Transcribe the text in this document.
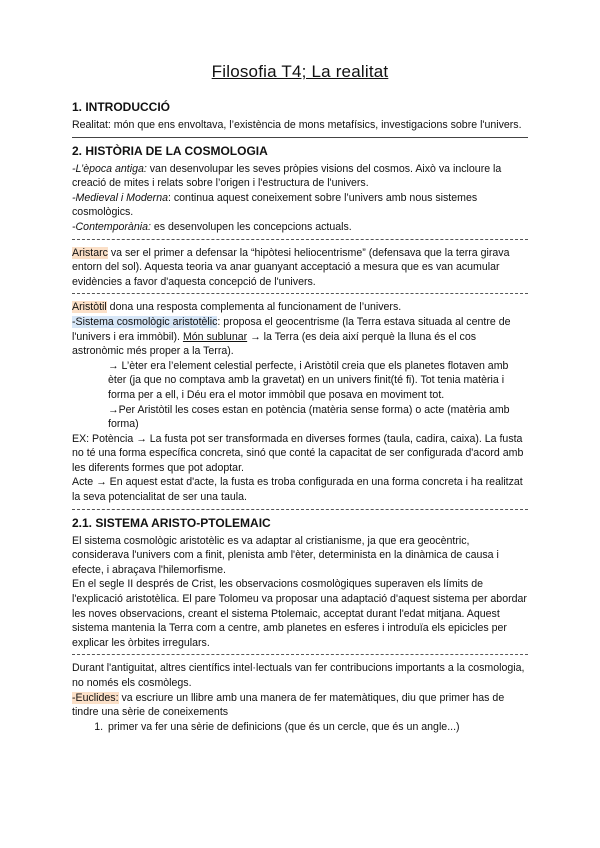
Filosofia T4; La realitat
1. INTRODUCCIÓ

Realitat: món que ens envoltava, l’existència de mons metafísics, investigacions sobre l'univers.

2. HISTÒRIA DE LA COSMOLOGIA

-L’època antiga: van desenvolupar les seves pròpies visions del cosmos. Això va incloure la creació de mites i relats sobre l’origen i l'estructura de l'univers.

-Medieval i Moderna: continua aquest coneixement sobre l’univers amb nous sistemes cosmològics.

-Contemporània: es desenvolupen les concepcions actuals.

Aristarc va ser el primer a defensar la “hipòtesi heliocentrisme” (defensava que la terra girava entorn del sol). Aquesta teoria va anar guanyant acceptació a mesura que es van acumular evidències a favor d'aquesta concepció de l'univers.

Aristòtil dona una resposta complementa al funcionament de l’univers.

-Sistema cosmològic aristotèlic: proposa el geocentrisme (la Terra estava situada al centre de l'univers i era immòbil). Món sublunar → la Terra (es deia així perquè la lluna és el cos astronòmic més proper a la Terra).

→ L’èter era l’element celestial perfecte, i Aristòtil creia que els planetes flotaven amb èter (ja que no comptava amb la gravetat) en un univers finit(té fi). Tot tenia matèria i forma per a ell, i Déu era el motor immòbil que posava en moviment tot.

→Per Aristòtil les coses estan en potència (matèria sense forma) o acte (matèria amb forma)

EX: Potència → La fusta pot ser transformada en diverses formes (taula, cadira, caixa). La fusta no té una forma específica concreta, sinó que conté la capacitat de ser configurada d'acord amb les diferents formes que pot adoptar.

Acte → En aquest estat d'acte, la fusta es troba configurada en una forma concreta i ha realitzat la seva potencialitat de ser una taula.

2.1. SISTEMA ARISTO-PTOLEMAIC

El sistema cosmològic aristotèlic es va adaptar al cristianisme, ja que era geocèntric, considerava l'univers com a finit, plenista amb l'èter, determinista en la dinàmica de causa i efecte, i abraçava l'hilemorfisme.

En el segle II després de Crist, les observacions cosmològiques superaven els límits de l'explicació aristotèlica. El pare Tolomeu va proposar una adaptació d'aquest sistema per abordar les noves observacions, creant el sistema Ptolemaic, acceptat durant l'edat mitjana. Aquest sistema mantenia la Terra com a centre, amb planetes en esferes i introduïa els epicicles per explicar les òrbites irregulars.

Durant l'antiguitat, altres científics intel·lectuals van fer contribucions importants a la cosmologia, no només els cosmòlegs.

-Euclides: va escriure un llibre amb una manera de fer matemàtiques, diu que primer has de tindre una sèrie de coneixements

1. primer va fer una sèrie de definicions (que és un cercle, que és un angle...)
